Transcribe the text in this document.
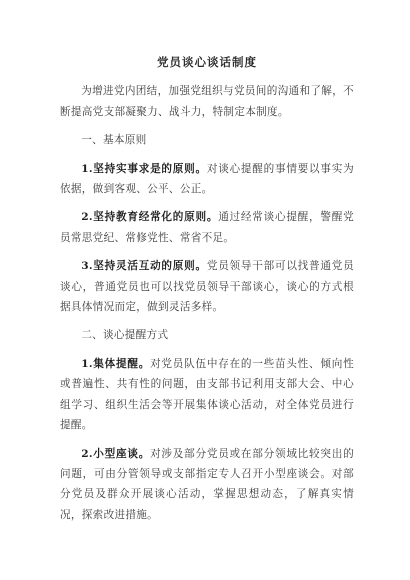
党员谈心谈话制度

为增进党内团结，加强党组织与党员间的沟通和了解，不断提高党支部凝聚力、战斗力，特制定本制度。

一、基本原则

1.坚持实事求是的原则。对谈心提醒的事情要以事实为依据，做到客观、公平、公正。

2.坚持教育经常化的原则。通过经常谈心提醒，警醒党员常思党纪、常修党性、常省不足。

3.坚持灵活互动的原则。党员领导干部可以找普通党员谈心，普通党员也可以找党员领导干部谈心，谈心的方式根据具体情况而定，做到灵活多样。

二、谈心提醒方式

1.集体提醒。对党员队伍中存在的一些苗头性、倾向性或普遍性、共有性的问题，由支部书记利用支部大会、中心组学习、组织生活会等开展集体谈心活动，对全体党员进行提醒。

2.小型座谈。对涉及部分党员或在部分领域比较突出的问题，可由分管领导或支部指定专人召开小型座谈会。对部分党员及群众开展谈心活动，掌握思想动态，了解真实情况，探索改进措施。
